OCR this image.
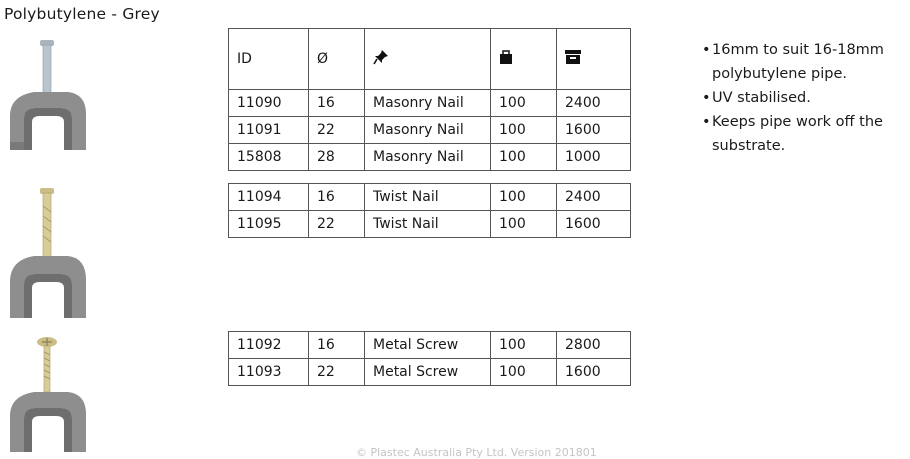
Polybutylene - Grey
ID	Ø			
11090	16	Masonry Nail	100	2400
11091	22	Masonry Nail	100	1600
15808	28	Masonry Nail	100	1000
11094	16	Twist Nail	100	2400
11095	22	Twist Nail	100	1600
11092	16	Metal Screw	100	2800
11093	22	Metal Screw	100	1600
• 16mm to suit 16-18mm polybutylene pipe.
• UV stabilised.
• Keeps pipe work off the substrate.
© Plastec Australia Pty Ltd. Version 201801
